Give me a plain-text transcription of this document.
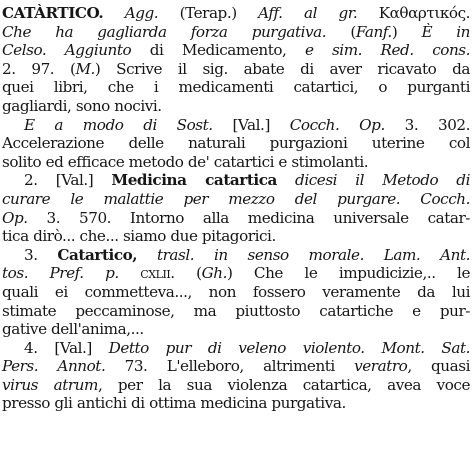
CATÀRTICO. Agg. (Terap.) Aff. al gr. Καθαρτικός.
Che ha gagliarda forza purgativa. (Fanf.) È in
Celso. Aggiunto di Medicamento, e sim. Red. cons.
2. 97. (M.) Scrive il sig. abate di aver ricavato da
quei libri, che i medicamenti catartici, o purganti
gagliardi, sono nocivi.
E a modo di Sost. [Val.] Cocch. Op. 3. 302.
Accelerazione delle naturali purgazioni uterine col
solito ed efficace metodo de' catartici e stimolanti.
2. [Val.] Medicina catartica dicesi il Metodo di
curare le malattie per mezzo del purgare. Cocch.
Op. 3. 570. Intorno alla medicina universale catar-
tica dirò... che... siamo due pitagorici.
3. Catartico, trasl. in senso morale. Lam. Ant.
tos. Pref. p. cxlii. (Gh.) Che le impudicizie,.. le
quali ei commetteva..., non fossero veramente da lui
stimate peccaminose, ma piuttosto catartiche e pur-
gative dell'anima,...
4. [Val.] Detto pur di veleno violento. Mont. Sat.
Pers. Annot. 73. L'elleboro, altrimenti veratro, quasi
virus atrum, per la sua violenza catartica, avea voce
presso gli antichi di ottima medicina purgativa.
